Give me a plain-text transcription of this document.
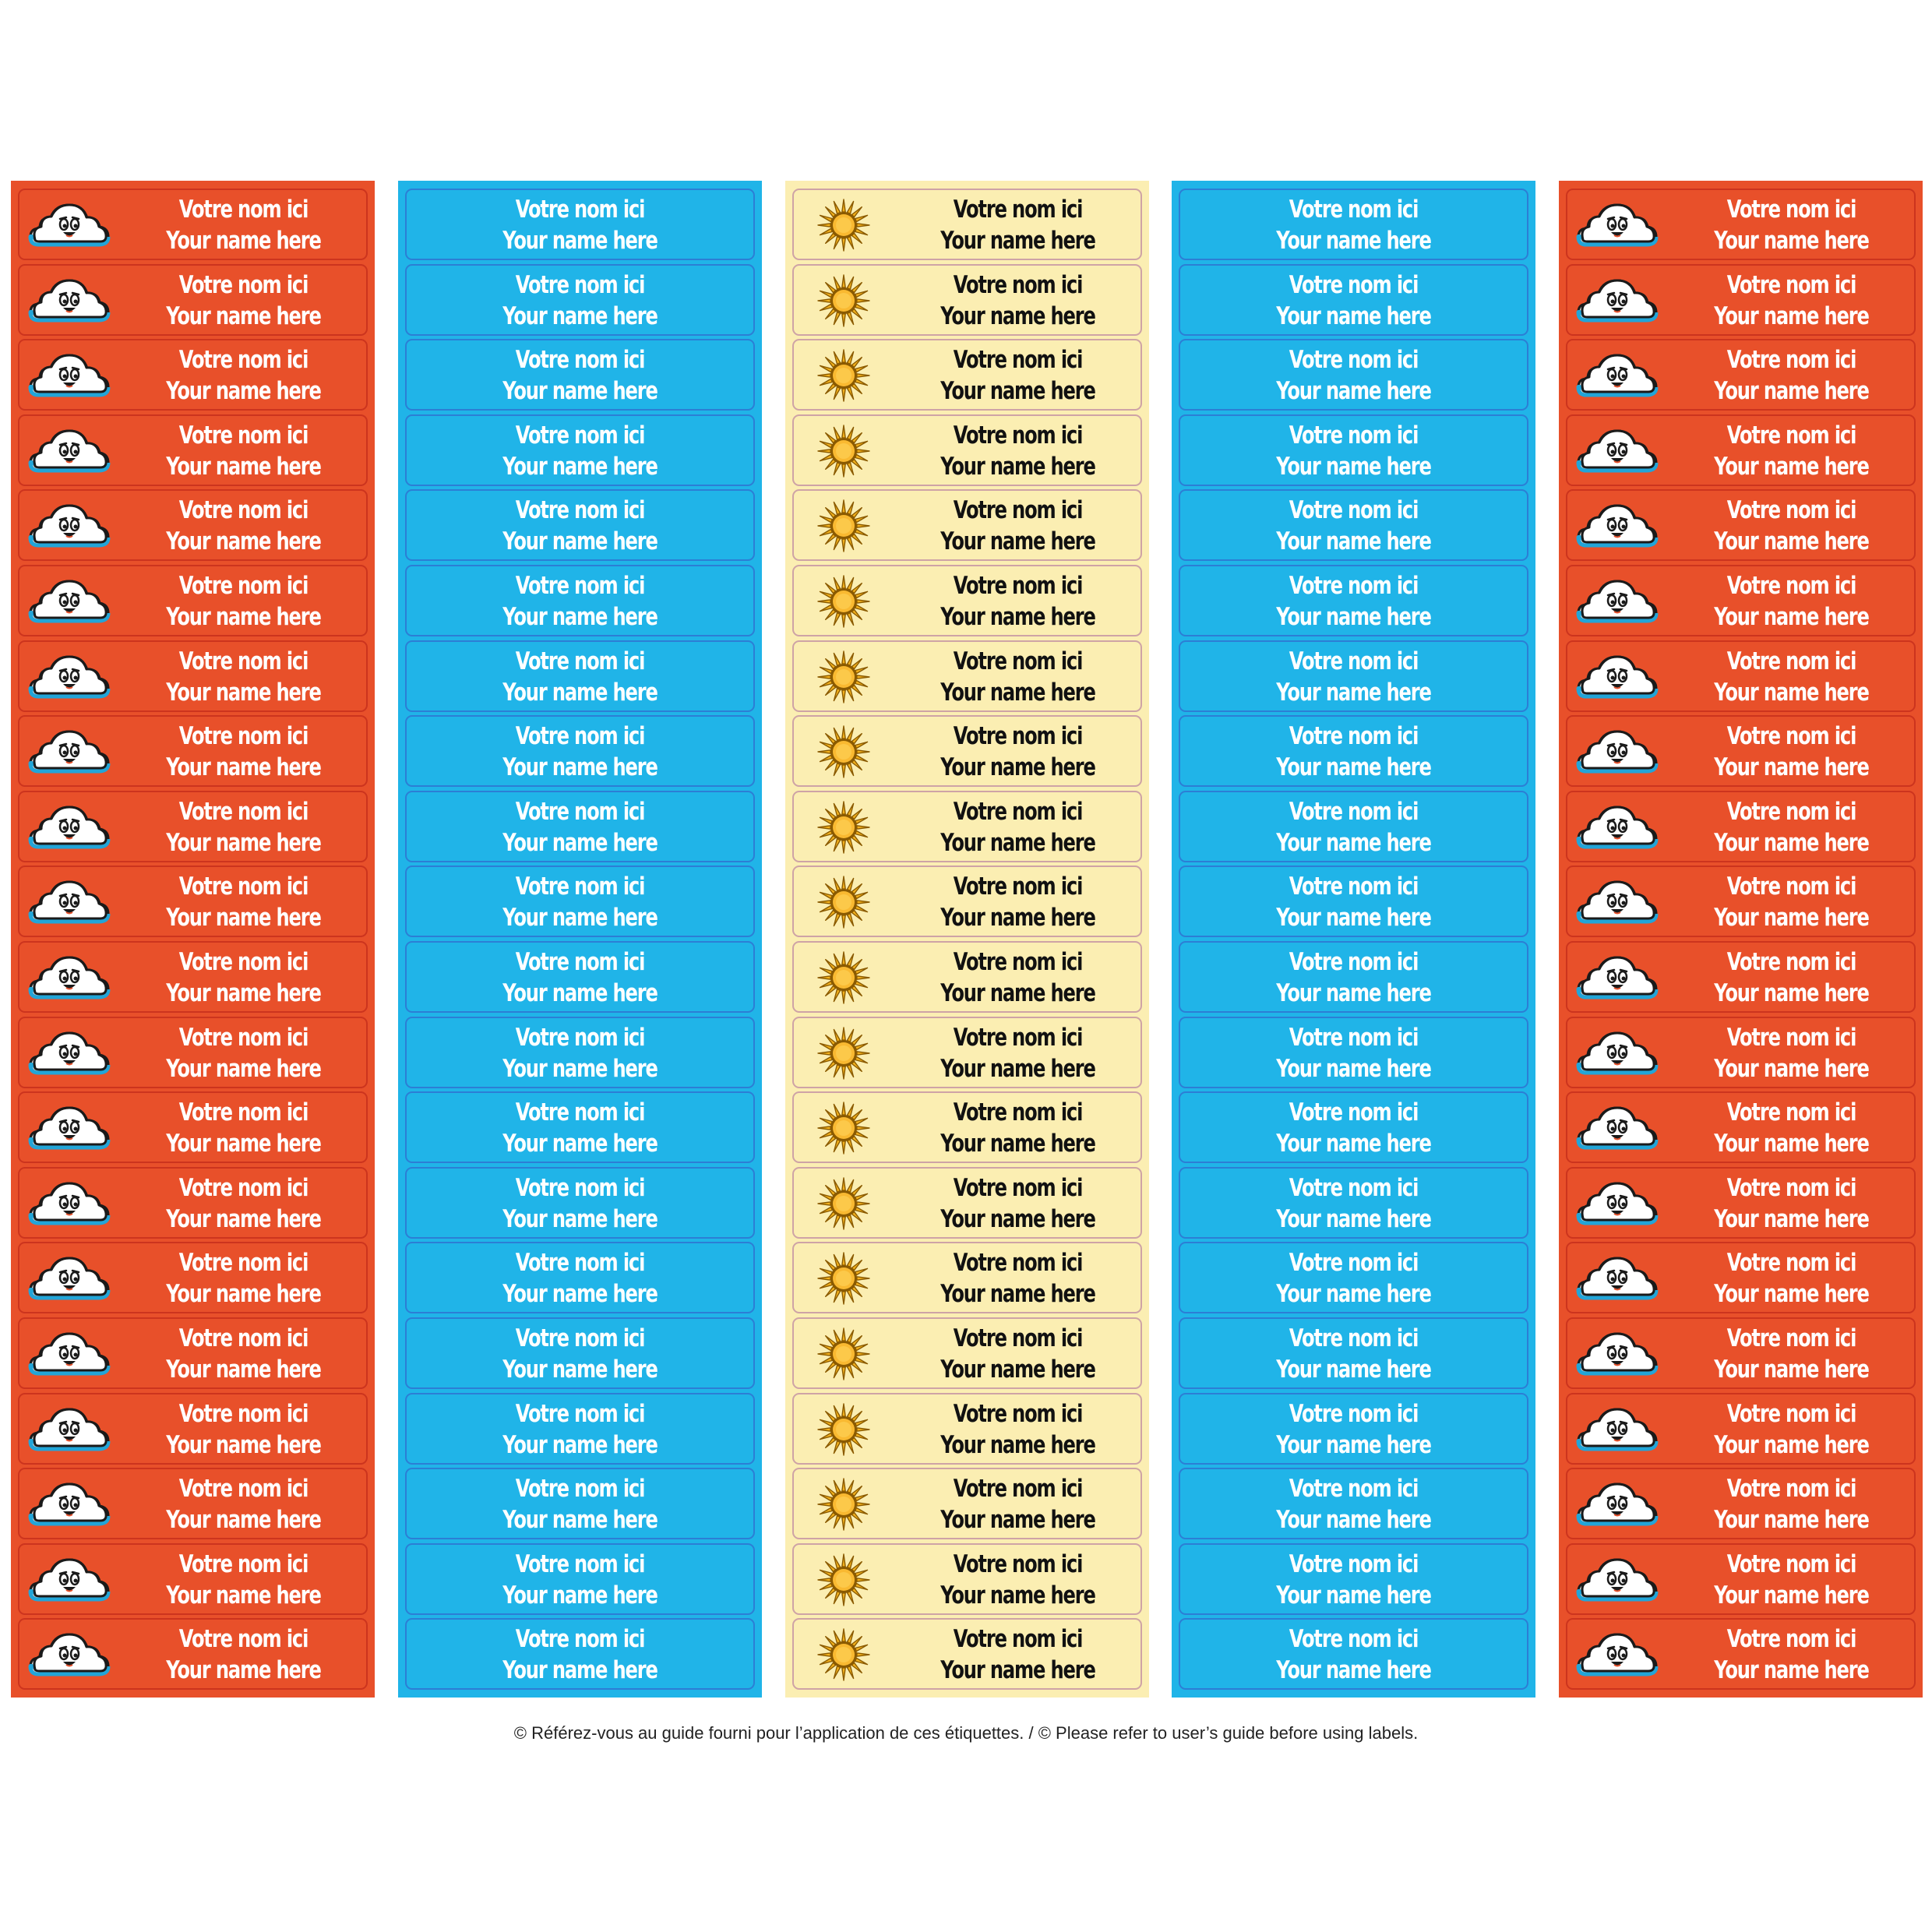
Votre nom ici
Your name here
Votre nom ici
Your name here
Votre nom ici
Your name here
Votre nom ici
Your name here
Votre nom ici
Your name here
Votre nom ici
Your name here
Votre nom ici
Your name here
Votre nom ici
Your name here
Votre nom ici
Your name here
Votre nom ici
Your name here
Votre nom ici
Your name here
Votre nom ici
Your name here
Votre nom ici
Your name here
Votre nom ici
Your name here
Votre nom ici
Your name here
Votre nom ici
Your name here
Votre nom ici
Your name here
Votre nom ici
Your name here
Votre nom ici
Your name here
Votre nom ici
Your name here
Votre nom ici
Your name here
Votre nom ici
Your name here
Votre nom ici
Your name here
Votre nom ici
Your name here
Votre nom ici
Your name here
Votre nom ici
Your name here
Votre nom ici
Your name here
Votre nom ici
Your name here
Votre nom ici
Your name here
Votre nom ici
Your name here
Votre nom ici
Your name here
Votre nom ici
Your name here
Votre nom ici
Your name here
Votre nom ici
Your name here
Votre nom ici
Your name here
Votre nom ici
Your name here
Votre nom ici
Your name here
Votre nom ici
Your name here
Votre nom ici
Your name here
Votre nom ici
Your name here
Votre nom ici
Your name here
Votre nom ici
Your name here
Votre nom ici
Your name here
Votre nom ici
Your name here
Votre nom ici
Your name here
Votre nom ici
Your name here
Votre nom ici
Your name here
Votre nom ici
Your name here
Votre nom ici
Your name here
Votre nom ici
Your name here
Votre nom ici
Your name here
Votre nom ici
Your name here
Votre nom ici
Your name here
Votre nom ici
Your name here
Votre nom ici
Your name here
Votre nom ici
Your name here
Votre nom ici
Your name here
Votre nom ici
Your name here
Votre nom ici
Your name here
Votre nom ici
Your name here
Votre nom ici
Your name here
Votre nom ici
Your name here
Votre nom ici
Your name here
Votre nom ici
Your name here
Votre nom ici
Your name here
Votre nom ici
Your name here
Votre nom ici
Your name here
Votre nom ici
Your name here
Votre nom ici
Your name here
Votre nom ici
Your name here
Votre nom ici
Your name here
Votre nom ici
Your name here
Votre nom ici
Your name here
Votre nom ici
Your name here
Votre nom ici
Your name here
Votre nom ici
Your name here
Votre nom ici
Your name here
Votre nom ici
Your name here
Votre nom ici
Your name here
Votre nom ici
Your name here
Votre nom ici
Your name here
Votre nom ici
Your name here
Votre nom ici
Your name here
Votre nom ici
Your name here
Votre nom ici
Your name here
Votre nom ici
Your name here
Votre nom ici
Your name here
Votre nom ici
Your name here
Votre nom ici
Your name here
Votre nom ici
Your name here
Votre nom ici
Your name here
Votre nom ici
Your name here
Votre nom ici
Your name here
Votre nom ici
Your name here
Votre nom ici
Your name here
Votre nom ici
Your name here
Votre nom ici
Your name here
Votre nom ici
Your name here
Votre nom ici
Your name here
Votre nom ici
Your name here
© Référez-vous au guide fourni pour l’application de ces étiquettes. / © Please refer to user’s guide before using labels.
